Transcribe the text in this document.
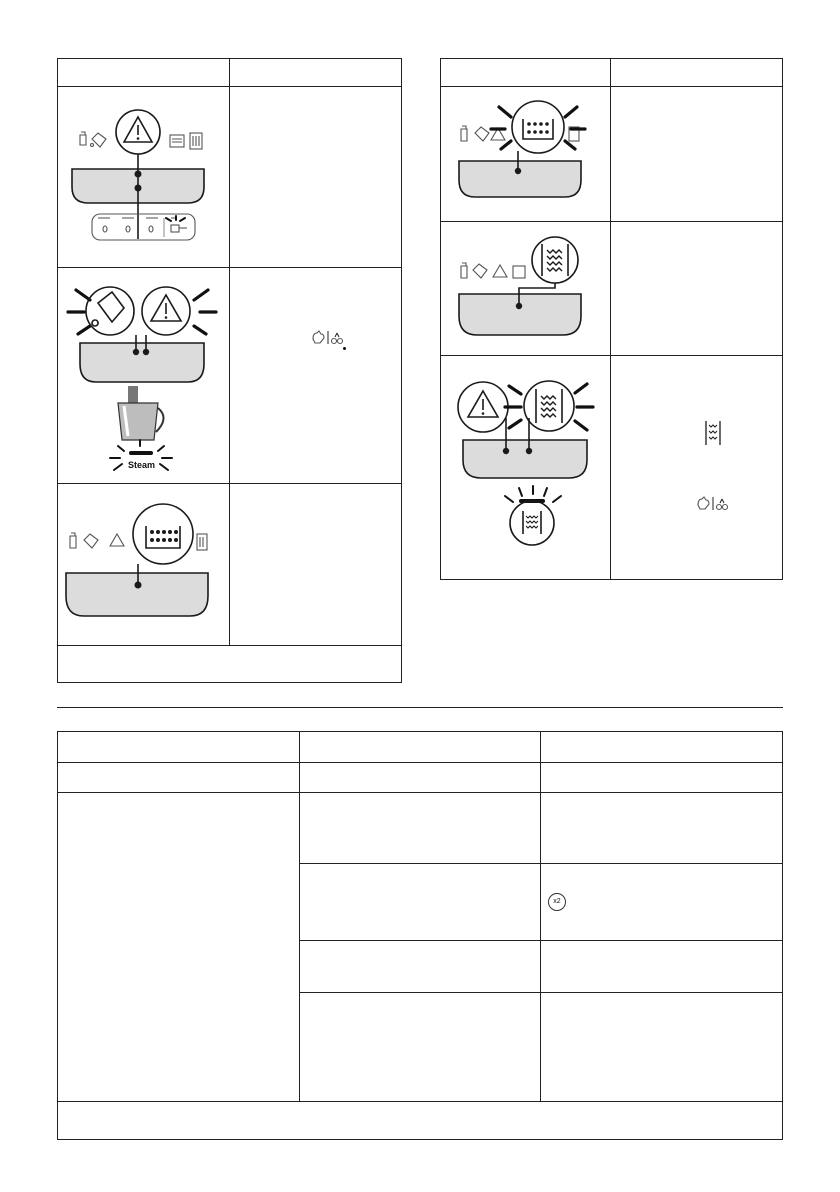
Steam
x2
